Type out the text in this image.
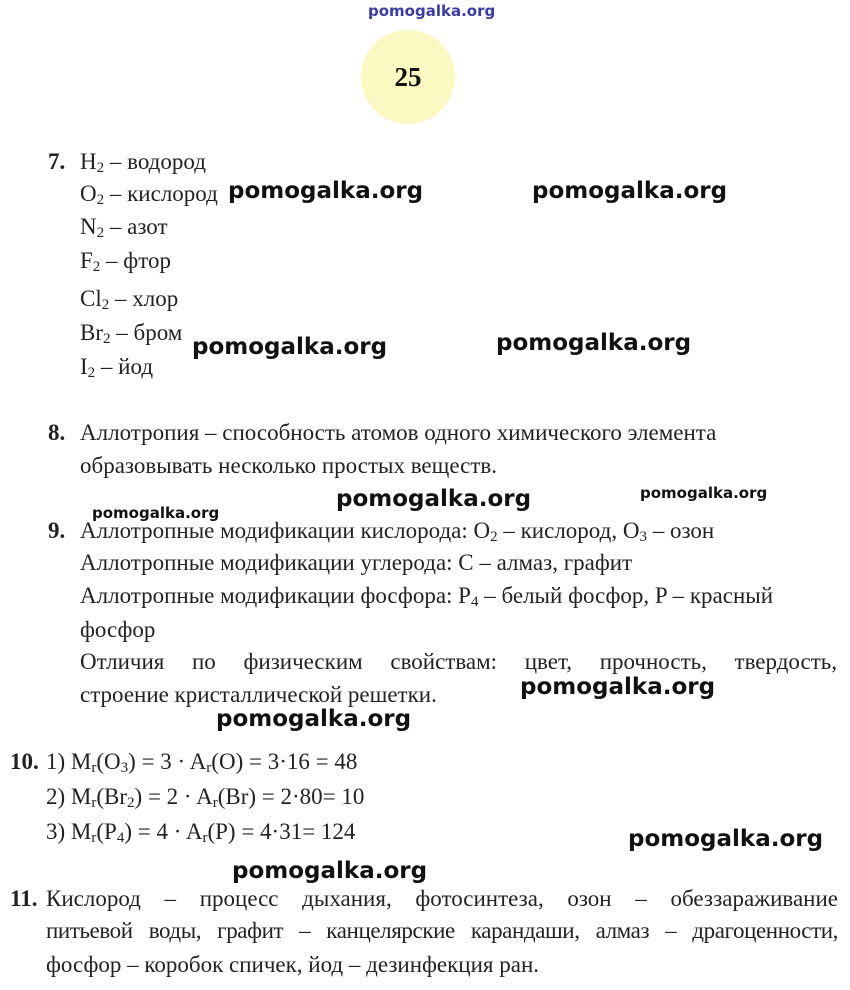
pomogalka.org
25
7. $H_2$ – водород
$O_2$ – кислород
$N_2$ – азот
$F_2$ – фтор
$Cl_2$ – хлор
$Br_2$ – бром
$I_2$ – йод
8. Аллотропия – способность атомов одного химического элемента
образовывать несколько простых веществ.
9. Аллотропные модификации кислорода: $O_2$ – кислород, $O_3$ – озон
Аллотропные модификации углерода: C – алмаз, графит
Аллотропные модификации фосфора: $P_4$ – белый фосфор, P – красный
фосфор
Отличия по физическим свойствам: цвет, прочность, твердость,
строение кристаллической решетки.
10. 1) $M_r(O_3) = 3 \cdot A_r(O) = 3\cdot 16 = 48$
2) $M_r(Br_2) = 2 \cdot A_r(Br) = 2\cdot 80= 10$
3) $M_r(P_4) = 4 \cdot A_r(P) = 4\cdot 31= 124$
11. Кислород – процесс дыхания, фотосинтеза, озон – обеззараживание
питьевой воды, графит – канцелярские карандаши, алмаз – драгоценности,
фосфор – коробок спичек, йод – дезинфекция ран.
pomogalka.org	pomogalka.org
pomogalka.org	pomogalka.org
pomogalka.org
pomogalka.org	pomogalka.org
pomogalka.org
pomogalka.org
pomogalka.org
pomogalka.org
